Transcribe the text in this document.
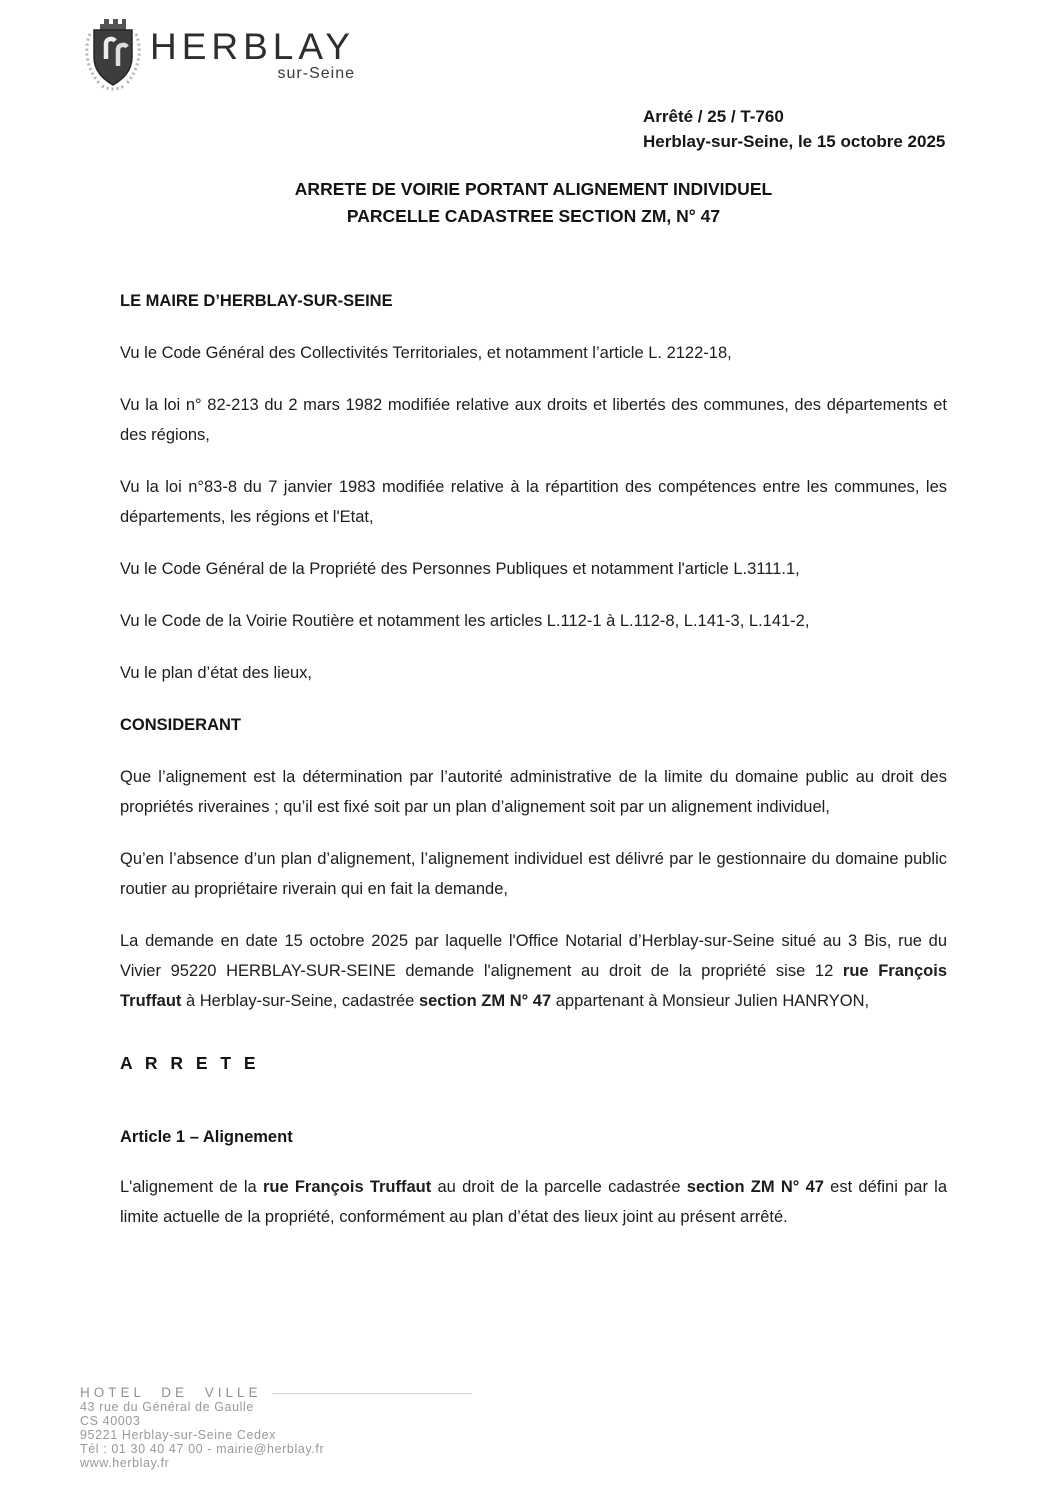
HERBLAY
sur-Seine
Arrêté / 25 / T-760
Herblay-sur-Seine, le 15 octobre 2025
ARRETE DE VOIRIE PORTANT ALIGNEMENT INDIVIDUEL
PARCELLE CADASTREE SECTION ZM, N° 47
LE MAIRE D’HERBLAY-SUR-SEINE

Vu le Code Général des Collectivités Territoriales, et notamment l’article L. 2122-18,

Vu la loi n° 82-213 du 2 mars 1982 modifiée relative aux droits et libertés des communes, des départements et des régions,

Vu la loi n°83-8 du 7 janvier 1983 modifiée relative à la répartition des compétences entre les communes, les départements, les régions et l'Etat,

Vu le Code Général de la Propriété des Personnes Publiques et notamment l'article L.3111.1,

Vu le Code de la Voirie Routière et notamment les articles L.112-1 à L.112-8, L.141-3, L.141-2,

Vu le plan d’état des lieux,

CONSIDERANT

Que l’alignement est la détermination par l’autorité administrative de la limite du domaine public au droit des propriétés riveraines ; qu’il est fixé soit par un plan d’alignement soit par un alignement individuel,

Qu’en l’absence d’un plan d’alignement, l’alignement individuel est délivré par le gestionnaire du domaine public routier au propriétaire riverain qui en fait la demande,

La demande en date 15 octobre 2025 par laquelle l'Office Notarial d’Herblay-sur-Seine situé au 3 Bis, rue du Vivier 95220 HERBLAY-SUR-SEINE demande l'alignement au droit de la propriété sise 12 rue François Truffaut à Herblay-sur-Seine, cadastrée section ZM N° 47 appartenant à Monsieur Julien HANRYON,

A R R E T E
Article 1 – Alignement

L'alignement de la rue François Truffaut au droit de la parcelle cadastrée section ZM N° 47 est défini par la limite actuelle de la propriété, conformément au plan d’état des lieux joint au présent arrêté.

HOTEL DE VILLE
43 rue du Général de Gaulle
CS 40003
95221 Herblay-sur-Seine Cedex
Tél : 01 30 40 47 00 - mairie@herblay.fr
www.herblay.fr
